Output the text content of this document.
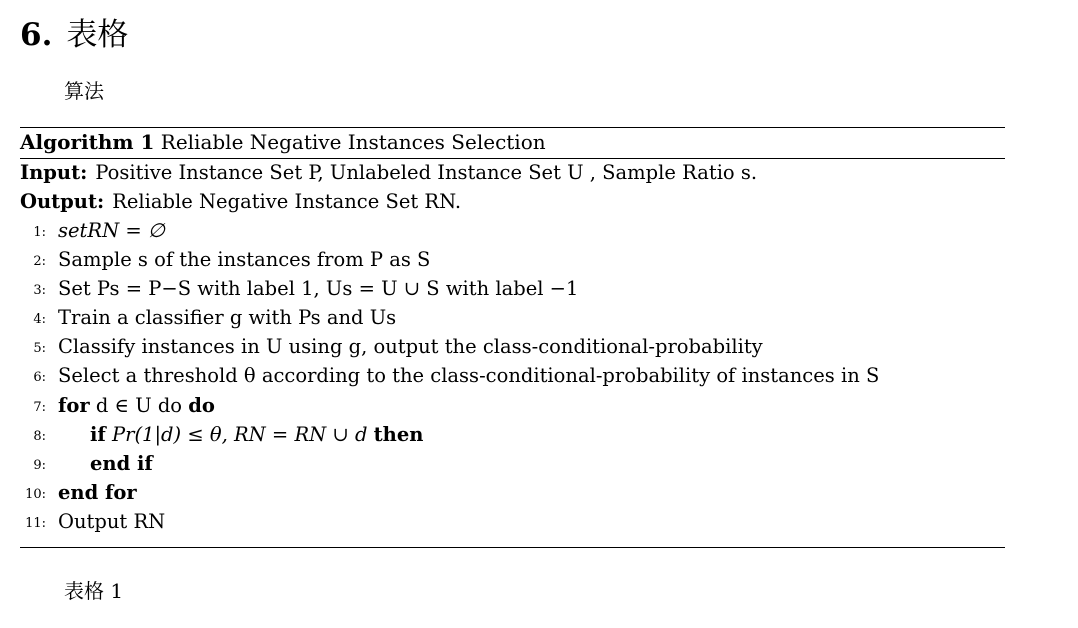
6. 表格
算法
Algorithm 1 Reliable Negative Instances Selection
Input: Positive Instance Set P, Unlabeled Instance Set U , Sample Ratio s.
Output: Reliable Negative Instance Set RN.
1: setRN = ∅
2: Sample s of the instances from P as S
3: Set Ps = P−S with label 1, Us = U ∪ S with label −1
4: Train a classifier g with Ps and Us
5: Classify instances in U using g, output the class-conditional-probability
6: Select a threshold θ according to the class-conditional-probability of instances in S
7: for d ∈ U do do
8: if Pr(1|d) ≤ θ, RN = RN ∪ d then
9: end if
10: end for
11: Output RN
表格 1
